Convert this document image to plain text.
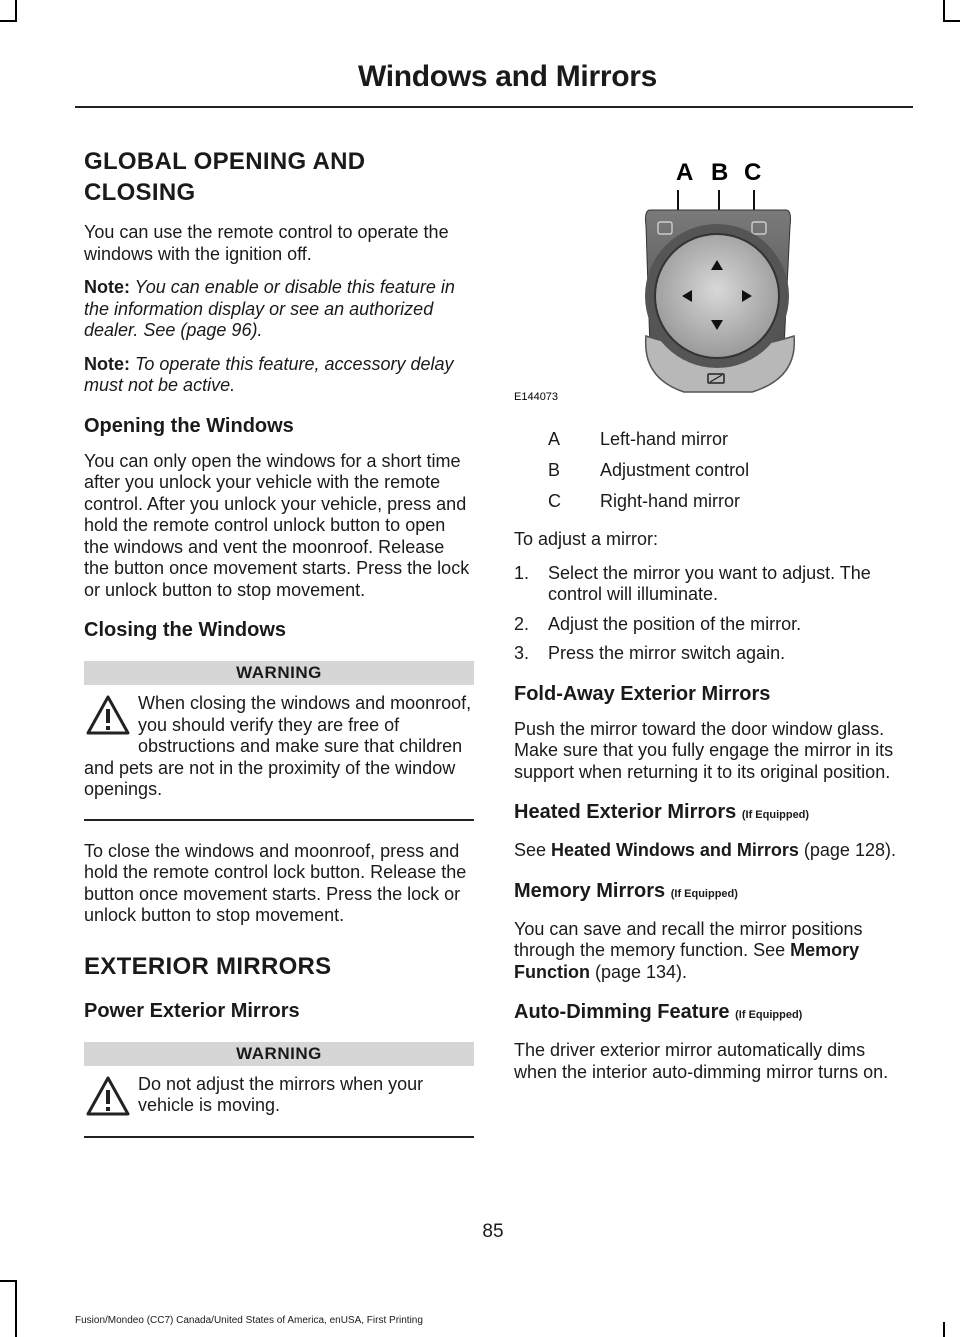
Windows and Mirrors
GLOBAL OPENING AND CLOSING

You can use the remote control to operate the windows with the ignition off.

Note: You can enable or disable this feature in the information display or see an authorized dealer. See (page 96).

Note: To operate this feature, accessory delay must not be active.

Opening the Windows

You can only open the windows for a short time after you unlock your vehicle with the remote control. After you unlock your vehicle, press and hold the remote control unlock button to open the windows and vent the moonroof. Release the button once movement starts. Press the lock or unlock button to stop movement.

Closing the Windows
WARNING
When closing the windows and moonroof, you should verify they are free of obstructions and make sure that children and pets are not in the proximity of the window openings.

To close the windows and moonroof, press and hold the remote control lock button. Release the button once movement starts. Press the lock or unlock button to stop movement.

EXTERIOR MIRRORS
Power Exterior Mirrors
WARNING
Do not adjust the mirrors when your vehicle is moving.
A B C
E144073
A	Left-hand mirror
B	Adjustment control
C	Right-hand mirror

To adjust a mirror:

1.	Select the mirror you want to adjust. The control will illuminate.
2.	Adjust the position of the mirror.
3.	Press the mirror switch again.
Fold-Away Exterior Mirrors

Push the mirror toward the door window glass. Make sure that you fully engage the mirror in its support when returning it to its original position.

Heated Exterior Mirrors (If Equipped)

See Heated Windows and Mirrors (page 128).

Memory Mirrors (If Equipped)

You can save and recall the mirror positions through the memory function. See Memory Function (page 134).

Auto-Dimming Feature (If Equipped)

The driver exterior mirror automatically dims when the interior auto-dimming mirror turns on.

85
Fusion/Mondeo (CC7) Canada/United States of America, enUSA, First Printing
